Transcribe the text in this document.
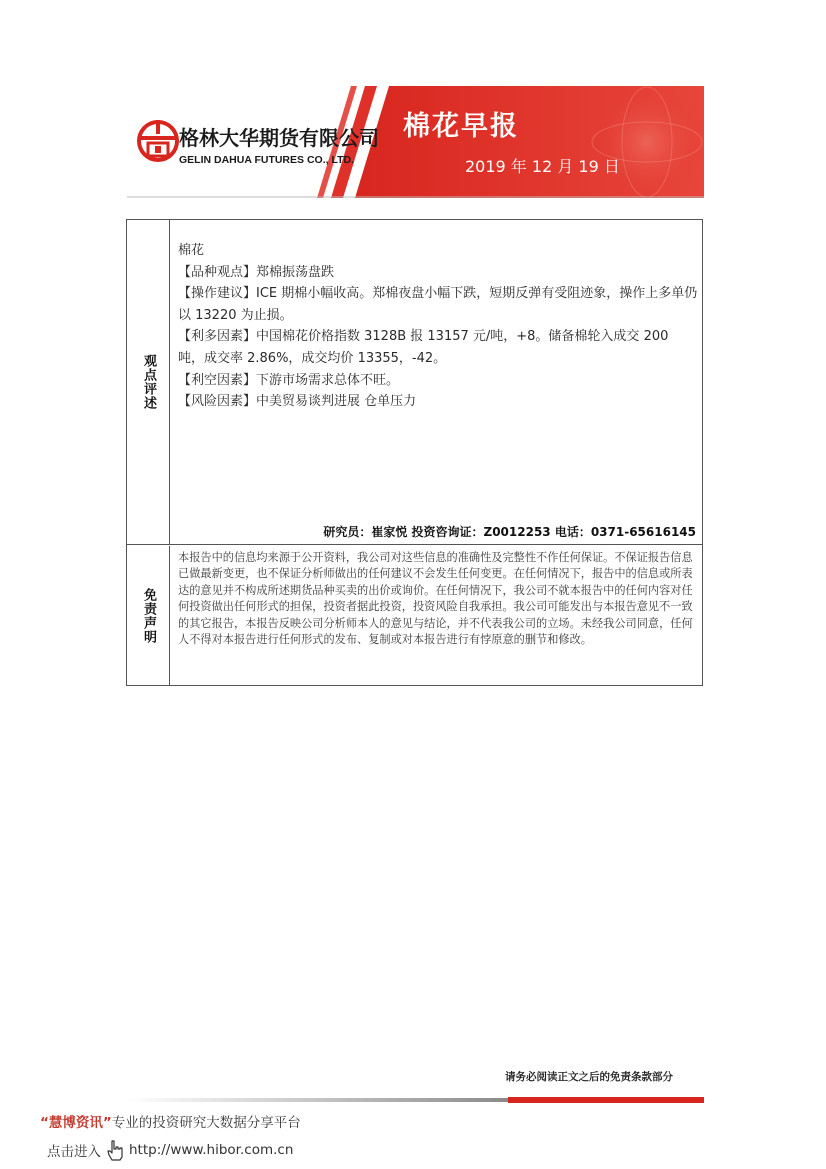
格林大华期货有限公司
GELIN DAHUA FUTURES CO., LTD.
棉花早报
2019 年 12 月 19 日
观点评述

棉花

【品种观点】郑棉振荡盘跌

【操作建议】ICE 期棉小幅收高。郑棉夜盘小幅下跌，短期反弹有受阻迹象，操作上多单仍以 13220 为止损。

【利多因素】中国棉花价格指数 3128B 报 13157 元/吨，+8。储备棉轮入成交 200 吨，成交率 2.86%，成交均价 13355，-42。

【利空因素】下游市场需求总体不旺。

【风险因素】中美贸易谈判进展 仓单压力

研究员：崔家悦 投资咨询证：Z0012253 电话：0371-65616145
免责声明
本报告中的信息均来源于公开资料，我公司对这些信息的准确性及完整性不作任何保证。不保证报告信息已做最新变更，也不保证分析师做出的任何建议不会发生任何变更。在任何情况下，报告中的信息或所表达的意见并不构成所述期货品种买卖的出价或询价。在任何情况下，我公司不就本报告中的任何内容对任何投资做出任何形式的担保，投资者据此投资，投资风险自我承担。我公司可能发出与本报告意见不一致的其它报告，本报告反映公司分析师本人的意见与结论，并不代表我公司的立场。未经我公司同意，任何人不得对本报告进行任何形式的发布、复制或对本报告进行有悖原意的删节和修改。
请务必阅读正文之后的免责条款部分
“慧博资讯”专业的投资研究大数据分享平台
点击进入 http://www.hibor.com.cn
